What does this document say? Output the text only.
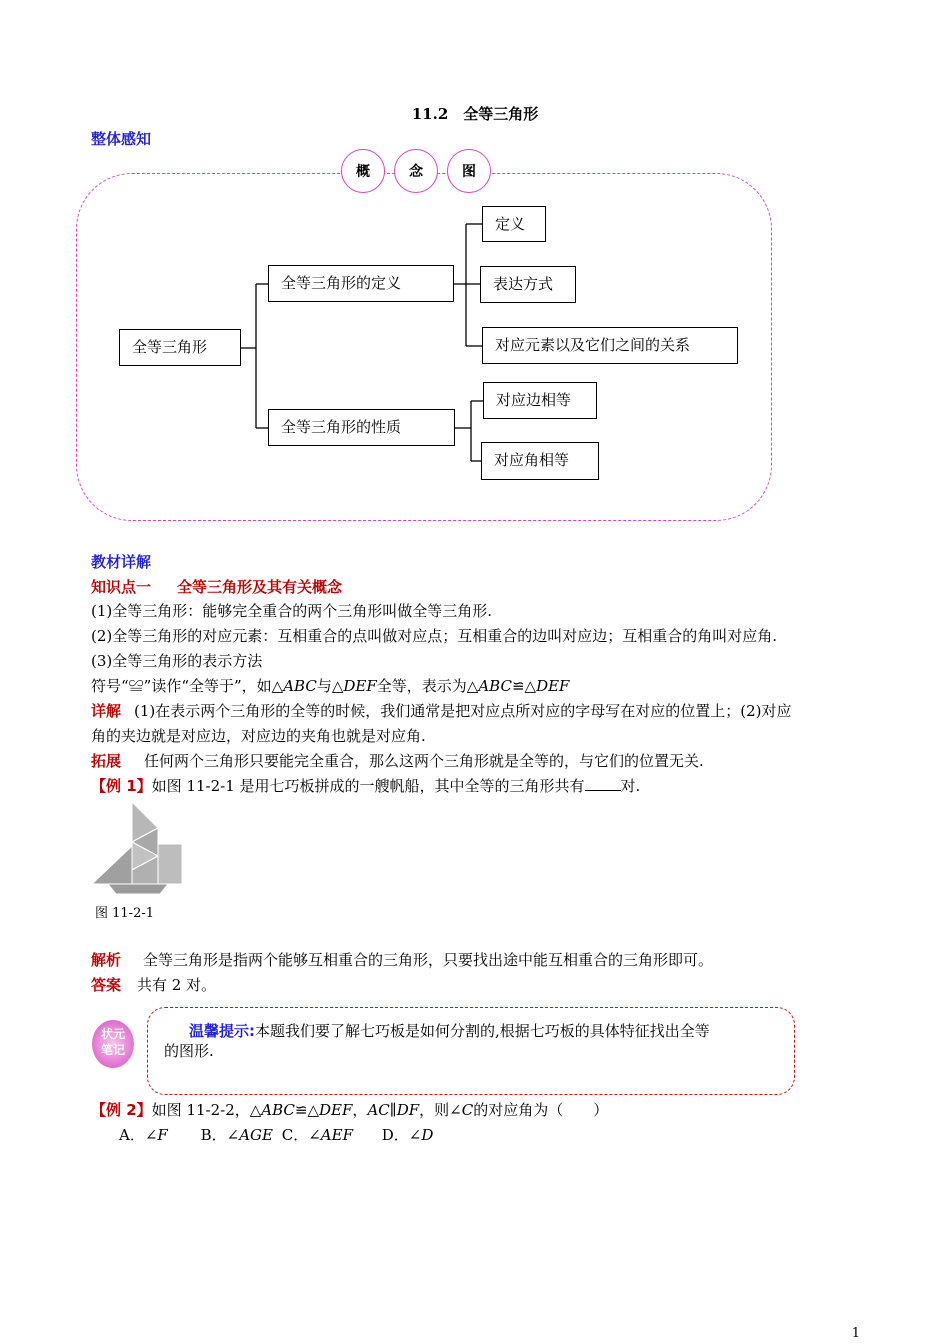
11.2　全等三角形
整体感知
概	念	图
全等三角形
全等三角形的定义
全等三角形的性质
定义
表达方式
对应元素以及它们之间的关系
对应边相等
对应角相等
教材详解
知识点一 全等三角形及其有关概念
(1)全等三角形：能够完全重合的两个三角形叫做全等三角形.
(2)全等三角形的对应元素：互相重合的点叫做对应点；互相重合的边叫对应边；互相重合的角叫对应角.
(3)全等三角形的表示方法
符号“≌”读作“全等于”，如△ABC与△DEF全等，表示为△ABC≌△DEF
详解 (1)在表示两个三角形的全等的时候，我们通常是把对应点所对应的字母写在对应的位置上；(2)对应
角的夹边就是对应边，对应边的夹角也就是对应角.
拓展 任何两个三角形只要能完全重合，那么这两个三角形就是全等的，与它们的位置无关.
【例 1】如图 11-2-1 是用七巧板拼成的一艘帆船，其中全等的三角形共有 对.
图 11-2-1
解析 全等三角形是指两个能够互相重合的三角形，只要找出途中能互相重合的三角形即可。
答案 共有 2 对。
状元
笔记
温馨提示:本题我们要了解七巧板是如何分割的,根据七巧板的具体特征找出全等
的图形.
【例 2】如图 11-2-2，△ABC≌△DEF，AC∥DF，则∠C的对应角为（　　）
A．∠F B．∠AGE C．∠AEF D．∠D
1
